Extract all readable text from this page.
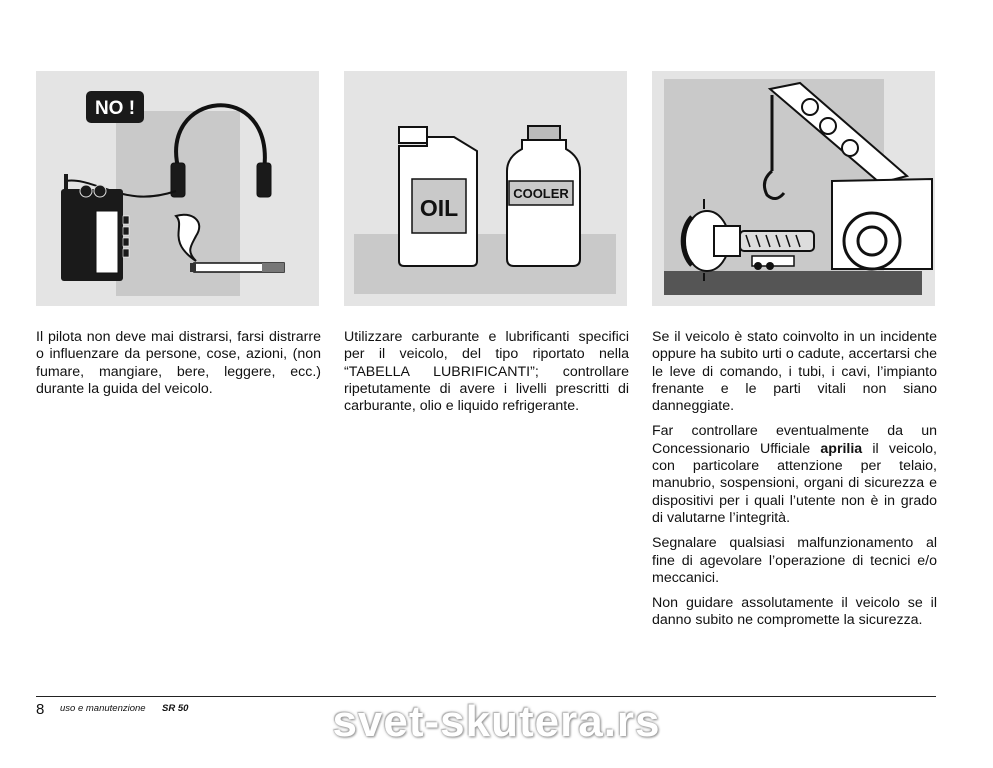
NO !
OIL
COOLER

Il pilota non deve mai distrarsi, farsi distrarre o influenzare da persone, cose, azioni, (non fumare, mangiare, bere, leggere, ecc.) durante la guida del veicolo.

Utilizzare carburante e lubrificanti specifici per il veicolo, del tipo riportato nella “TABELLA LUBRIFICANTI”; controllare ripetutamente di avere i livelli prescritti di carburante, olio e liquido refrigerante.

Se il veicolo è stato coinvolto in un incidente oppure ha subito urti o cadute, accertarsi che le leve di comando, i tubi, i cavi, l’impianto frenante e le parti vitali non siano danneggiate.

Far controllare eventualmente da un Concessionario Ufficiale aprilia il veicolo, con particolare attenzione per telaio, manubrio, sospensioni, organi di sicurezza e dispositivi per i quali l’utente non è in grado di valutarne l’integrità.

Segnalare qualsiasi malfunzionamento al fine di agevolare l’operazione di tecnici e/o meccanici.

Non guidare assolutamente il veicolo se il danno subito ne compromette la sicurezza.

8 uso e manutenzione SR 50	svet-skutera.rs
